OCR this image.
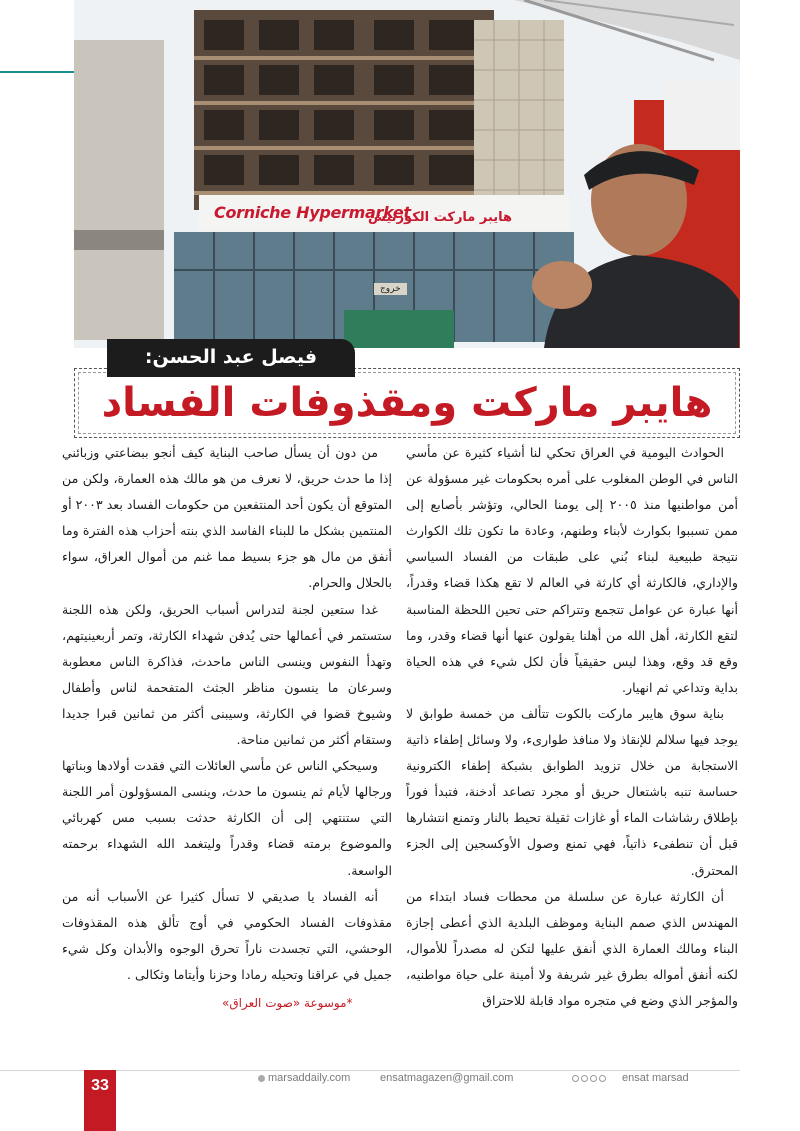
Corniche Hypermarket
هايبر ماركت الكورنيش
خروج
هايبر ماركت ومقذوفات الفساد
فيصل عبد الحسن:

الحوادث اليومية في العراق تحكي لنا أشياء كثيرة عن مأسي الناس في الوطن المغلوب على أمره بحكومات غير مسؤولة عن أمن مواطنيها منذ ٢٠٠٥ إلى يومنا الحالي، وتؤشر بأصابع إلى ممن تسببوا بكوارث لأبناء وطنهم، وعادة ما تكون تلك الكوارث نتيجة طبيعية لبناء بُني على طبقات من الفساد السياسي والإداري، فالكارثة أي كارثة في العالم لا تقع هكذا قضاء وقدراً، أنها عبارة عن عوامل تتجمع وتتراكم حتى تحين اللحظة المناسبة لتقع الكارثة، أهل الله من أهلنا يقولون عنها أنها قضاء وقدر، وما وقع قد وقع، وهذا ليس حقيقياً فأن لكل شيء في هذه الحياة بداية وتداعي ثم انهيار.

بناية سوق هايبر ماركت بالكوت تتألف من خمسة طوابق لا يوجد فيها سلالم للإنقاذ ولا منافذ طوارىء، ولا وسائل إطفاء ذاتية الاستجابة من خلال تزويد الطوابق بشبكة إطفاء الكترونية حساسة تنبه باشتعال حريق أو مجرد تصاعد أدخنة، فتبدأ فوراً بإطلاق رشاشات الماء أو غازات ثقيلة تحيط بالنار وتمنع انتشارها قبل أن تنطفىء ذاتياً، فهي تمنع وصول الأوكسجين إلى الجزء المحترق.

أن الكارثة عبارة عن سلسلة من محطات فساد ابتداء من المهندس الذي صمم البناية وموظف البلدية الذي أعطى إجازة البناء ومالك العمارة الذي أنفق عليها لتكن له مصدراً للأموال، لكنه أنفق أمواله بطرق غير شريفة ولا أمينة على حياة مواطنيه، والمؤجر الذي وضع في متجره مواد قابلة للاحتراق

من دون أن يسأل صاحب البناية كيف أنجو ببضاعتي وزبائني إذا ما حدث حريق، لا نعرف من هو مالك هذه العمارة، ولكن من المتوقع أن يكون أحد المنتفعين من حكومات الفساد بعد ٢٠٠٣ أو المنتمين بشكل ما للبناء الفاسد الذي بنته أحزاب هذه الفترة وما أنفق من مال هو جزء بسيط مما غنم من أموال العراق، سواء بالحلال والحرام.

غدا ستعين لجنة لتدراس أسباب الحريق، ولكن هذه اللجنة ستستمر في أعمالها حتى يُدفن شهداء الكارثة، وتمر أربعينيتهم، وتهدأ النفوس وينسى الناس ماحدث، فذاكرة الناس معطوبة وسرعان ما ينسون مناظر الجثث المتفحمة لناس وأطفال وشيوخ قضوا في الكارثة، وسيبنى أكثر من ثمانين قبرا جديدا وستقام أكثر من ثمانين مناحة.

وسيحكي الناس عن مأسي العائلات التي فقدت أولادها وبناتها ورجالها لأيام ثم ينسون ما حدث، وينسى المسؤولون أمر اللجنة التي ستنتهي إلى أن الكارثة حدثت بسبب مس كهربائي والموضوع برمته قضاء وقدراً وليتغمد الله الشهداء برحمته الواسعة.

أنه الفساد يا صديقي لا تسأل كثيرا عن الأسباب أنه من مقذوفات الفساد الحكومي في أوج تألق هذه المقذوفات الوحشي، التي تجسدت ناراً تحرق الوجوه والأبدان وكل شيء جميل في عراقنا وتحيله رمادا وحزنا وأيتاما وثكالى .

*موسوعة «صوت العراق»

33	marsaddaily.com	ensatmagazen@gmail.com	ensat marsad
